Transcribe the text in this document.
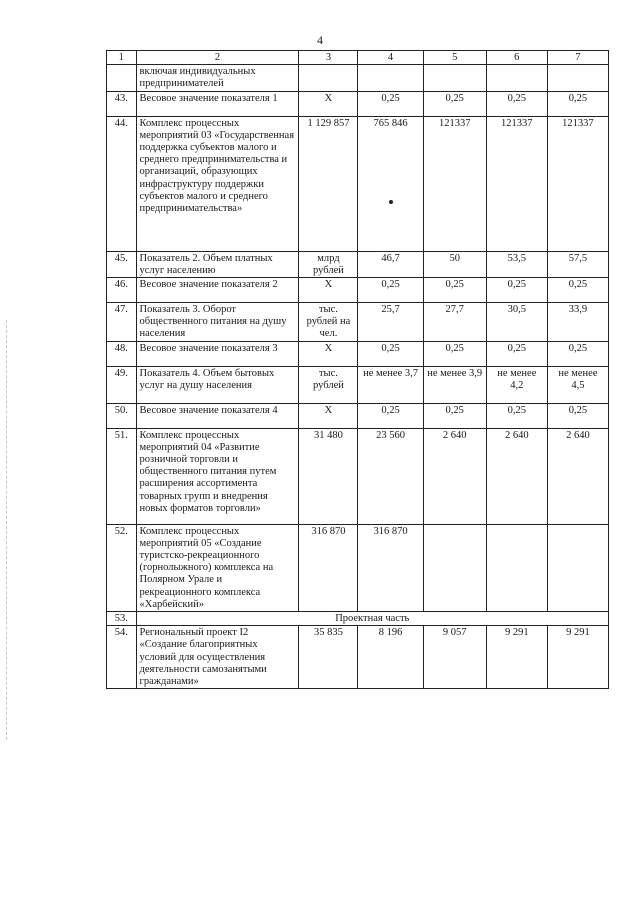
4
1	2	3	4	5	6	7
	включая индивидуальных предпринимателей					
43.	Весовое значение показателя 1	Х	0,25	0,25	0,25	0,25
44.	Комплекс процессных мероприятий 03 «Государственная поддержка субъектов малого и среднего предпринимательства и организаций, образующих инфраструктуру поддержки субъектов малого и среднего предпринимательства»	1 129 857	765 846	121337	121337	121337
45.	Показатель 2. Объем платных услуг населению	млрд рублей	46,7	50	53,5	57,5
46.	Весовое значение показателя 2	Х	0,25	0,25	0,25	0,25
47.	Показатель 3. Оборот общественного питания на душу населения	тыс. рублей на чел.	25,7	27,7	30,5	33,9
48.	Весовое значение показателя 3	Х	0,25	0,25	0,25	0,25
49.	Показатель 4. Объем бытовых услуг на душу населения	тыс. рублей	не менее 3,7	не менее 3,9	не менее 4,2	не менее 4,5
50.	Весовое значение показателя 4	Х	0,25	0,25	0,25	0,25
51.	Комплекс процессных мероприятий 04 «Развитие розничной торговли и общественного питания путем расширения ассортимента товарных групп и внедрения новых форматов торговли»	31 480	23 560	2 640	2 640	2 640
52.	Комплекс процессных мероприятий 05 «Создание туристско-рекреационного (горнолыжного) комплекса на Полярном Урале и рекреационного комплекса «Харбейский»	316 870	316 870			
53.	Проектная часть					
54.	Региональный проект I2 «Создание благоприятных условий для осуществления деятельности самозанятыми гражданами»	35 835	8 196	9 057	9 291	9 291
